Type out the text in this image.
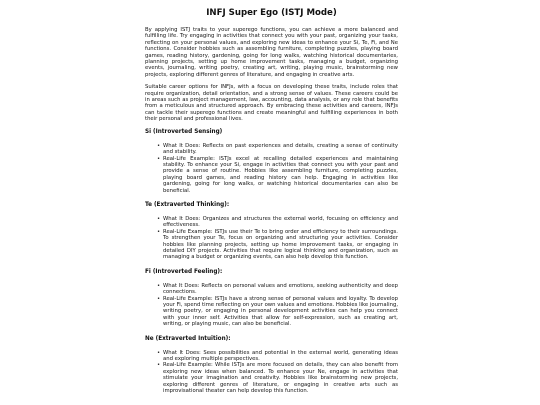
INFJ Super Ego (ISTJ Mode)

By applying ISTJ traits to your superego functions, you can achieve a more balanced and fulfilling life. Try engaging in activities that connect you with your past, organizing your tasks, reflecting on your personal values, and exploring new ideas to enhance your Si, Te, Fi, and Ne functions. Consider hobbies such as assembling furniture, completing puzzles, playing board games, reading history, gardening, going for long walks, watching historical documentaries, planning projects, setting up home improvement tasks, managing a budget, organizing events, journaling, writing poetry, creating art, writing, playing music, brainstorming new projects, exploring different genres of literature, and engaging in creative arts.

Suitable career options for INFJs, with a focus on developing these traits, include roles that require organization, detail orientation, and a strong sense of values. These careers could be in areas such as project management, law, accounting, data analysis, or any role that benefits from a meticulous and structured approach. By embracing these activities and careers, INFJs can tackle their superego functions and create meaningful and fulfilling experiences in both their personal and professional lives.

Si (Introverted Sensing)
• What It Does: Reflects on past experiences and details, creating a sense of continuity and stability.
• Real-Life Example: ISTJs excel at recalling detailed experiences and maintaining stability. To enhance your Si, engage in activities that connect you with your past and provide a sense of routine. Hobbies like assembling furniture, completing puzzles, playing board games, and reading history can help. Engaging in activities like gardening, going for long walks, or watching historical documentaries can also be beneficial.
Te (Extraverted Thinking):
• What It Does: Organizes and structures the external world, focusing on efficiency and effectiveness.
• Real-Life Example: ISTJs use their Te to bring order and efficiency to their surroundings. To strengthen your Te, focus on organizing and structuring your activities. Consider hobbies like planning projects, setting up home improvement tasks, or engaging in detailed DIY projects. Activities that require logical thinking and organization, such as managing a budget or organizing events, can also help develop this function.
Fi (Introverted Feeling):
• What It Does: Reflects on personal values and emotions, seeking authenticity and deep connections.
• Real-Life Example: ISTJs have a strong sense of personal values and loyalty. To develop your Fi, spend time reflecting on your own values and emotions. Hobbies like journaling, writing poetry, or engaging in personal development activities can help you connect with your inner self. Activities that allow for self-expression, such as creating art, writing, or playing music, can also be beneficial.
Ne (Extraverted Intuition):
• What It Does: Sees possibilities and potential in the external world, generating ideas and exploring multiple perspectives.
• Real-Life Example: While ISTJs are more focused on details, they can also benefit from exploring new ideas when balanced. To enhance your Ne, engage in activities that stimulate your imagination and creativity. Hobbies like brainstorming new projects, exploring different genres of literature, or engaging in creative arts such as improvisational theater can help develop this function.
